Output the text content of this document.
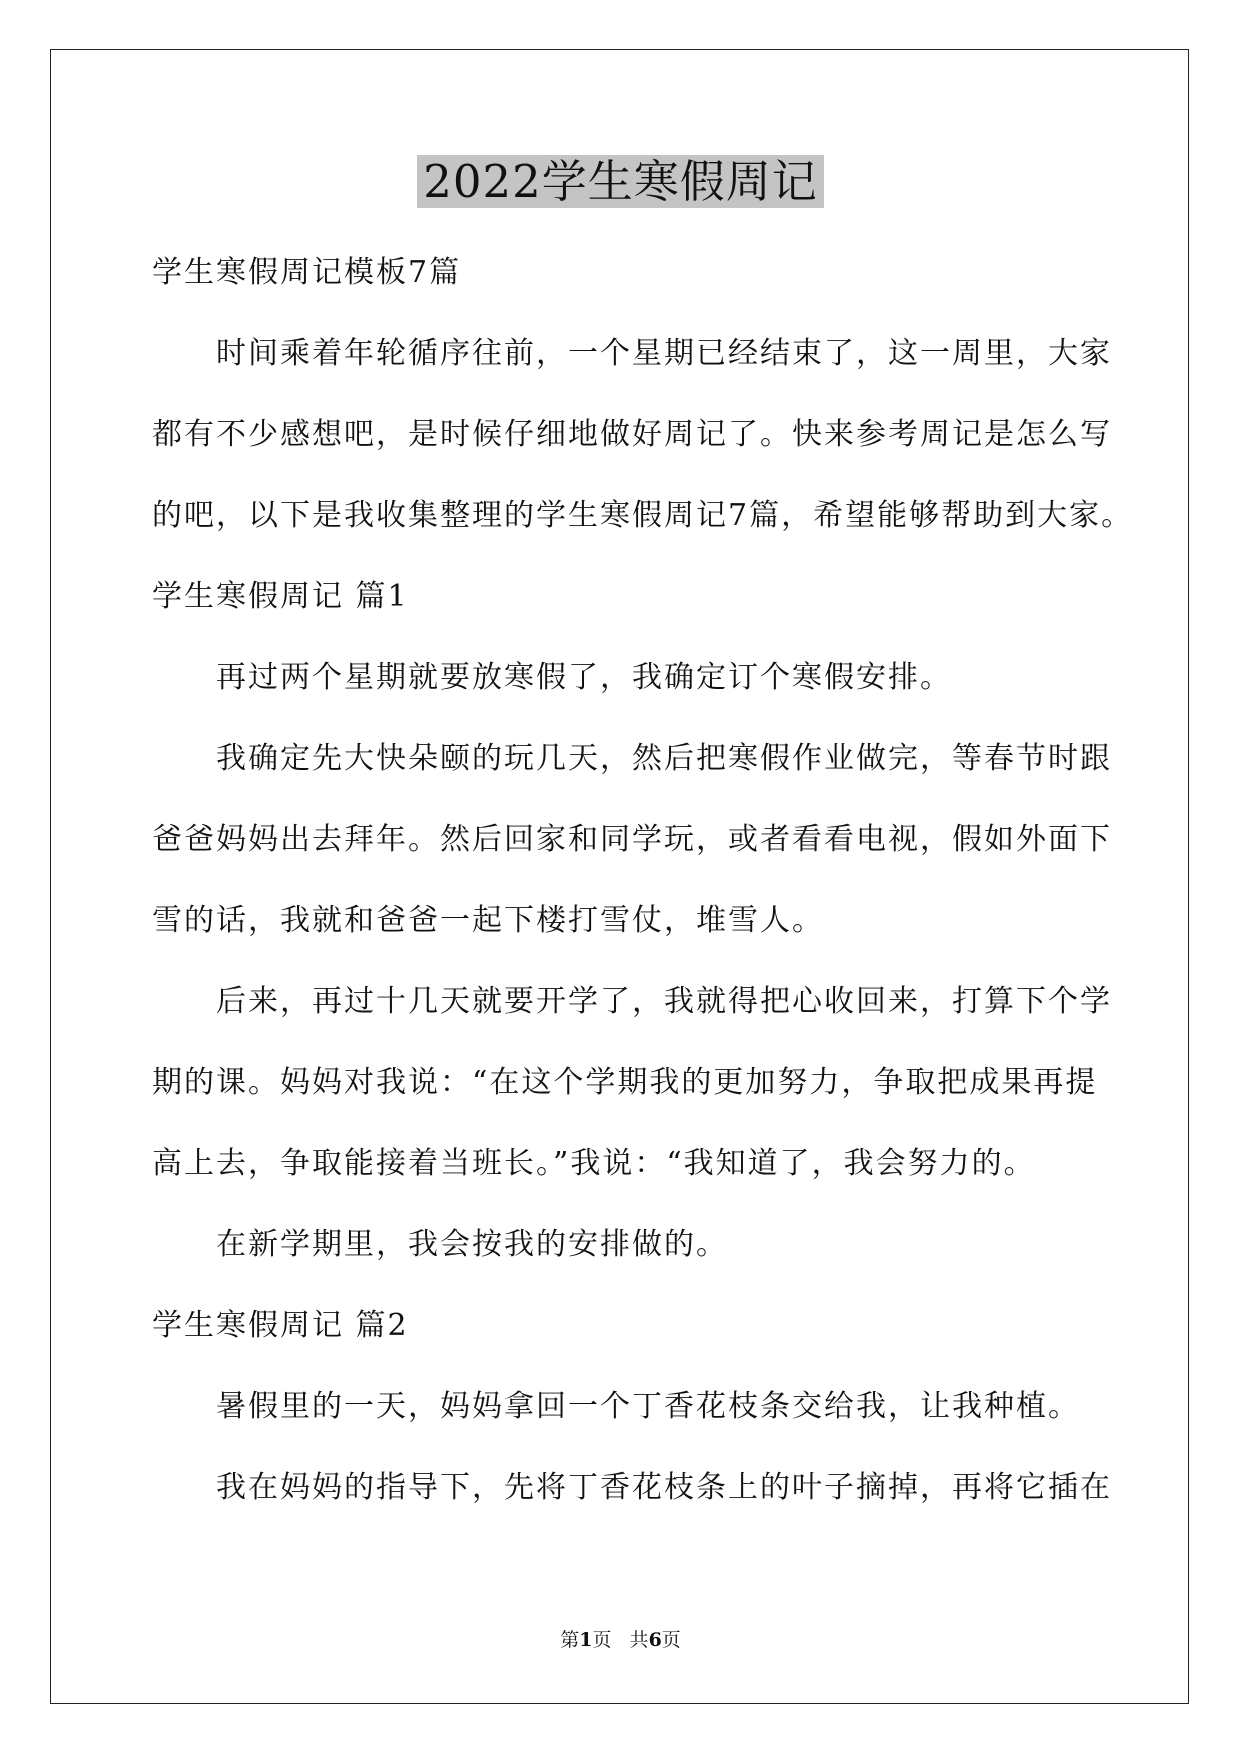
2022学生寒假周记

学生寒假周记模板7篇

时间乘着年轮循序往前，一个星期已经结束了，这一周里，大家

都有不少感想吧，是时候仔细地做好周记了。快来参考周记是怎么写

的吧，以下是我收集整理的学生寒假周记7篇，希望能够帮助到大家。

学生寒假周记 篇1

再过两个星期就要放寒假了，我确定订个寒假安排。

我确定先大快朵颐的玩几天，然后把寒假作业做完，等春节时跟

爸爸妈妈出去拜年。然后回家和同学玩，或者看看电视，假如外面下

雪的话，我就和爸爸一起下楼打雪仗，堆雪人。

后来，再过十几天就要开学了，我就得把心收回来，打算下个学

期的课。妈妈对我说：“在这个学期我的更加努力，争取把成果再提

高上去，争取能接着当班长。”我说：“我知道了，我会努力的。

在新学期里，我会按我的安排做的。

学生寒假周记 篇2

暑假里的一天，妈妈拿回一个丁香花枝条交给我，让我种植。

我在妈妈的指导下，先将丁香花枝条上的叶子摘掉，再将它插在

第1页   共6页
